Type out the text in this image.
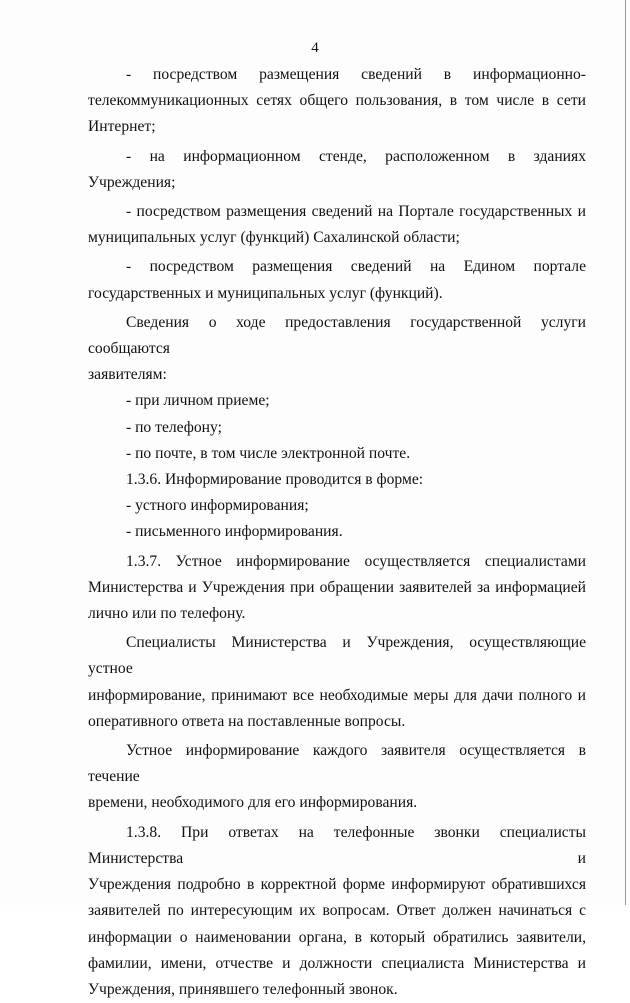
4
- посредством размещения сведений в информационно-
телекоммуникационных сетях общего пользования, в том числе в сети
Интернет;
- на информационном стенде, расположенном в зданиях Учреждения;
- посредством размещения сведений на Портале государственных и
муниципальных услуг (функций) Сахалинской области;
- посредством размещения сведений на Едином портале
государственных и муниципальных услуг (функций).
Сведения о ходе предоставления государственной услуги сообщаются
заявителям:
- при личном приеме;
- по телефону;
- по почте, в том числе электронной почте.
1.3.6. Информирование проводится в форме:
- устного информирования;
- письменного информирования.
1.3.7. Устное информирование осуществляется специалистами
Министерства и Учреждения при обращении заявителей за информацией
лично или по телефону.
Специалисты Министерства и Учреждения, осуществляющие устное
информирование, принимают все необходимые меры для дачи полного и
оперативного ответа на поставленные вопросы.
Устное информирование каждого заявителя осуществляется в течение
времени, необходимого для его информирования.
1.3.8. При ответах на телефонные звонки специалисты Министерства и
Учреждения подробно в корректной форме информируют обратившихся
заявителей по интересующим их вопросам. Ответ должен начинаться с
информации о наименовании органа, в который обратились заявители,
фамилии, имени, отчестве и должности специалиста Министерства и
Учреждения, принявшего телефонный звонок.
